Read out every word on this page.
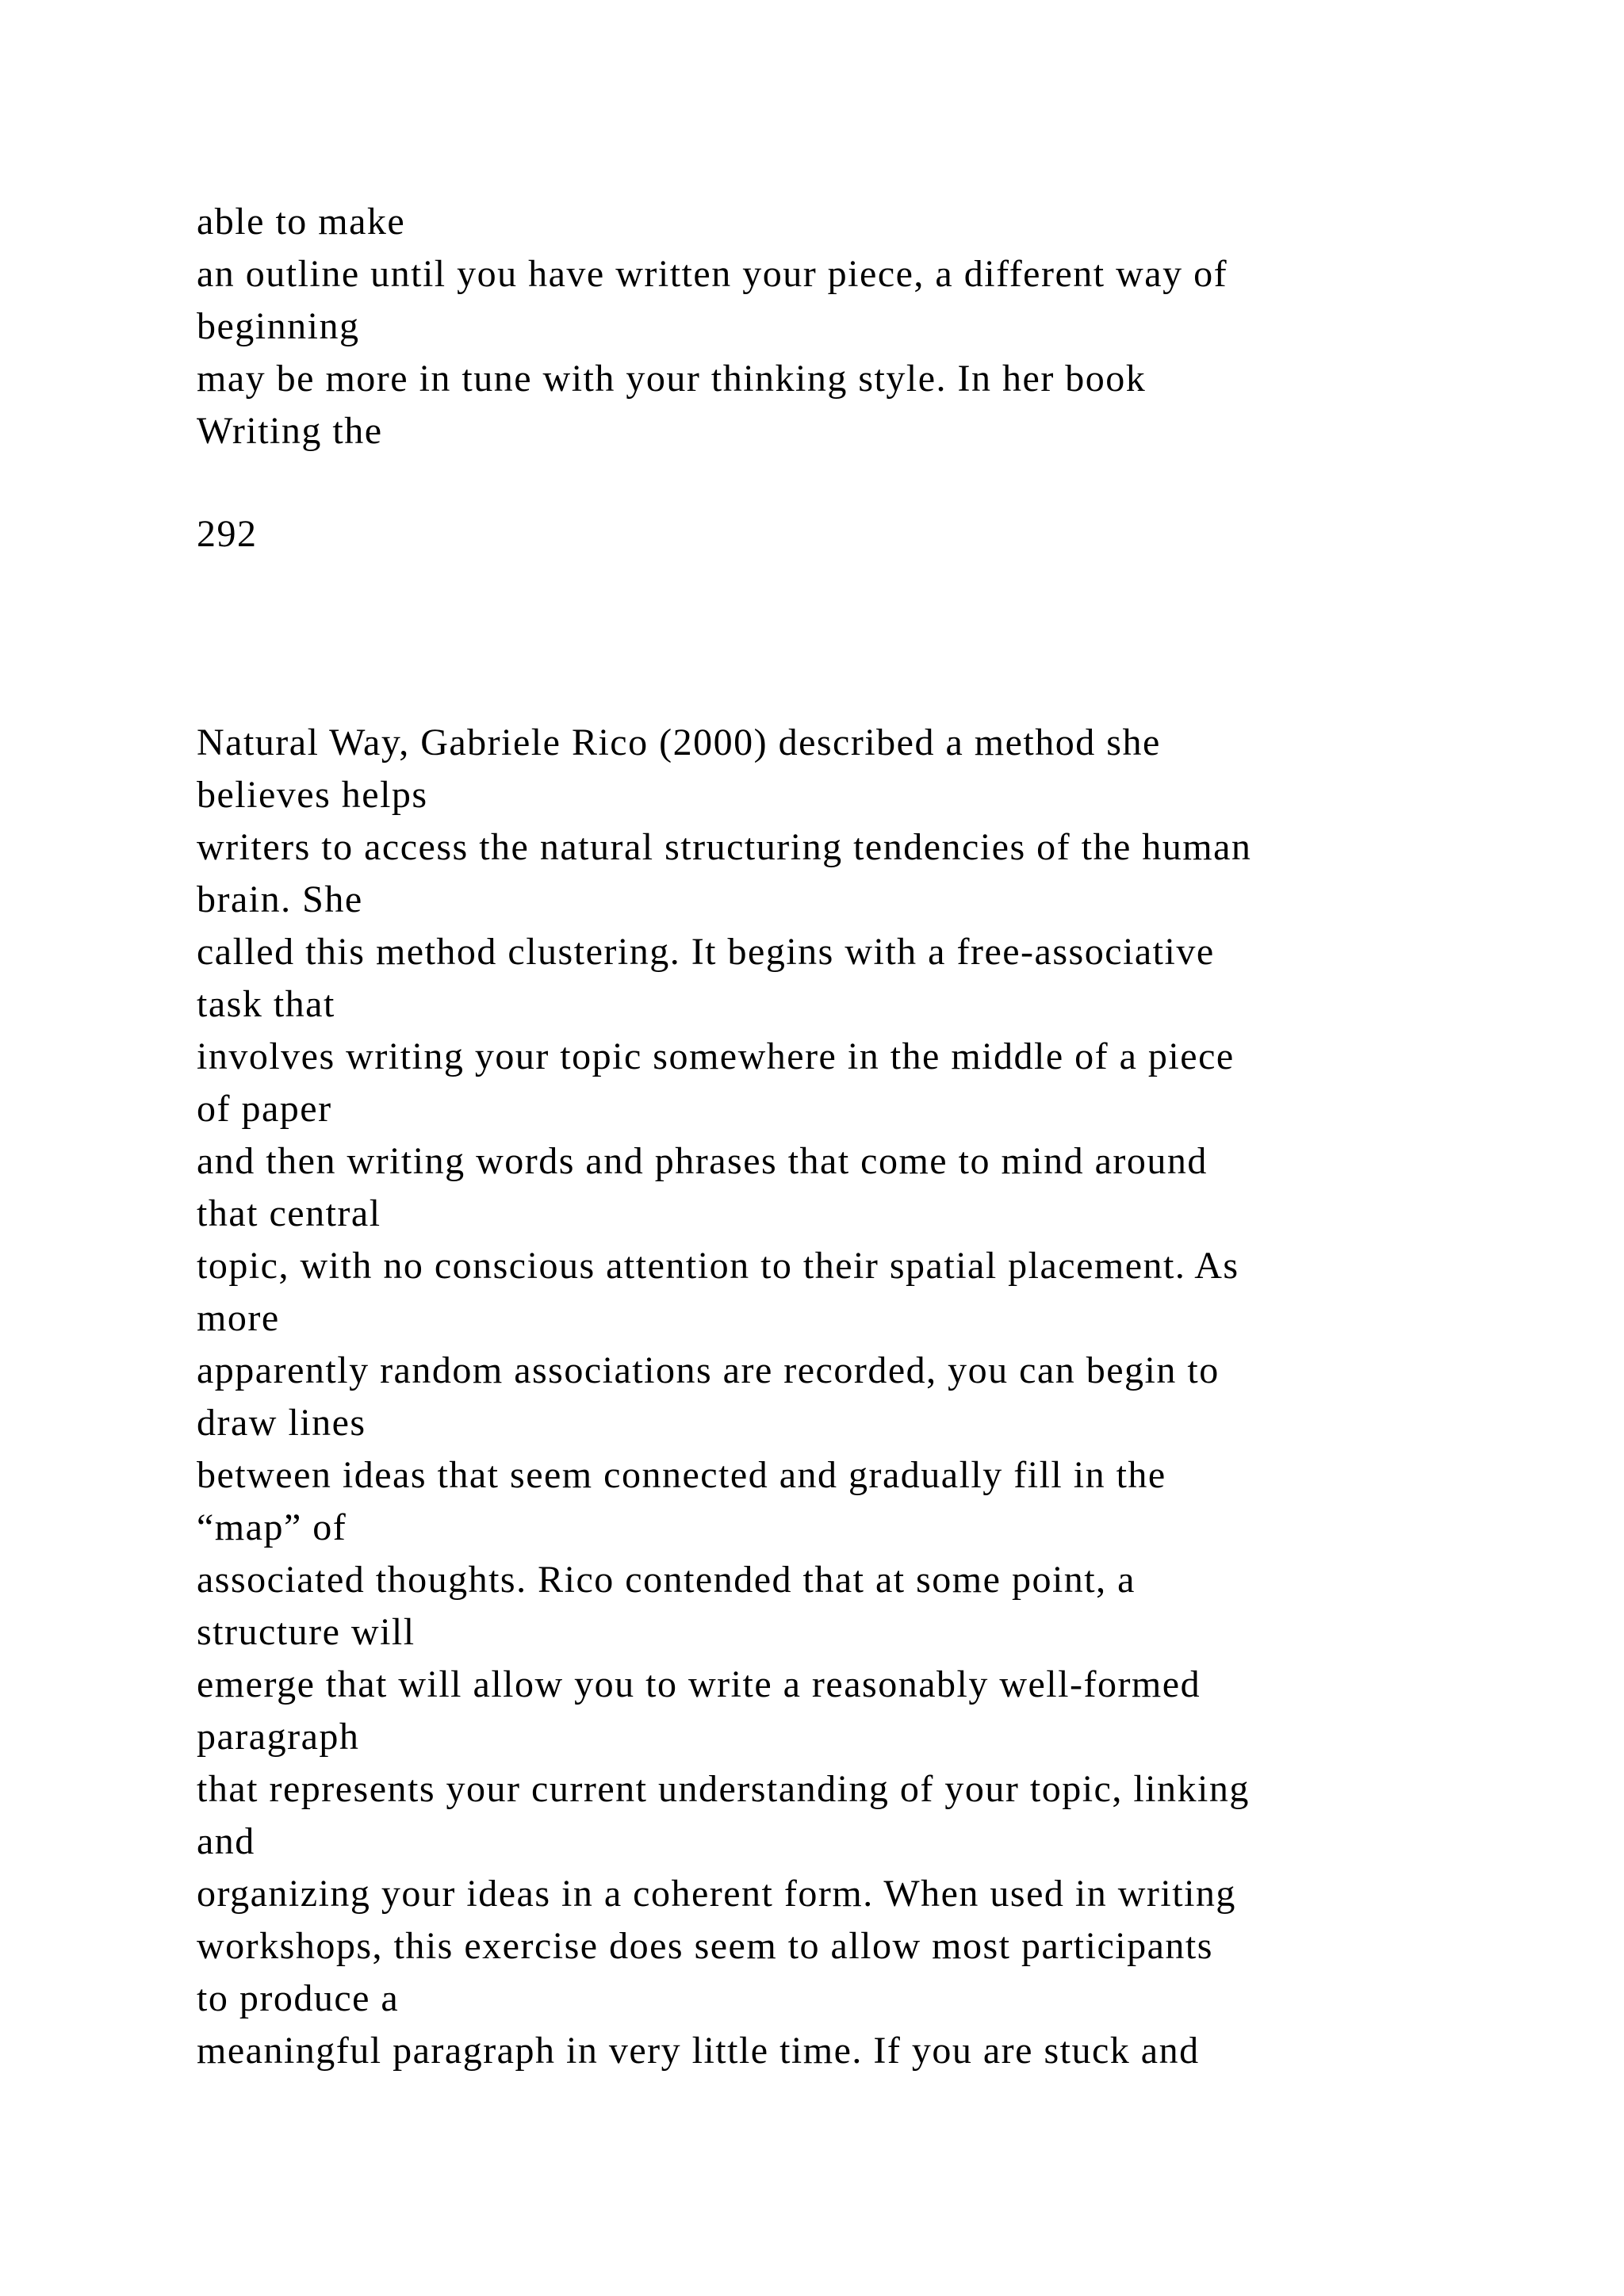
able to make
an outline until you have written your piece, a different way of
beginning
may be more in tune with your thinking style. In her book
Writing the
292
Natural Way, Gabriele Rico (2000) described a method she
believes helps
writers to access the natural structuring tendencies of the human
brain. She
called this method clustering. It begins with a free-associative
task that
involves writing your topic somewhere in the middle of a piece
of paper
and then writing words and phrases that come to mind around
that central
topic, with no conscious attention to their spatial placement. As
more
apparently random associations are recorded, you can begin to
draw lines
between ideas that seem connected and gradually fill in the
“map” of
associated thoughts. Rico contended that at some point, a
structure will
emerge that will allow you to write a reasonably well-formed
paragraph
that represents your current understanding of your topic, linking
and
organizing your ideas in a coherent form. When used in writing
workshops, this exercise does seem to allow most participants
to produce a
meaningful paragraph in very little time. If you are stuck and
